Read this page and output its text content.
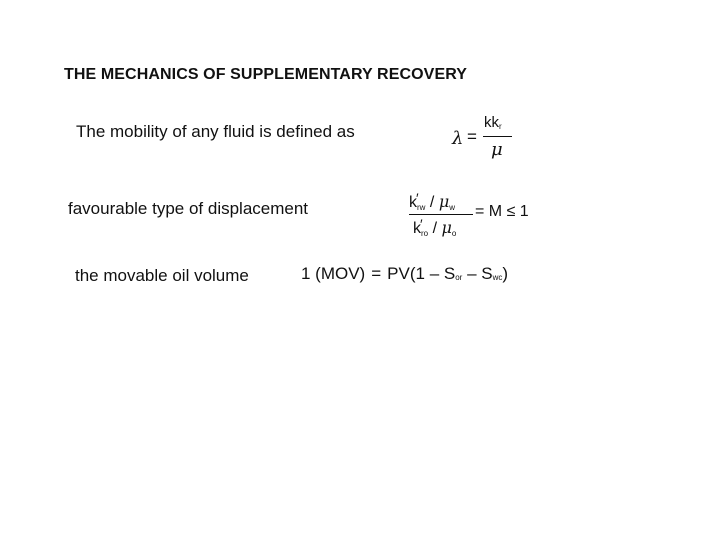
THE MECHANICS OF SUPPLEMENTARY RECOVERY
The mobility of any fluid is defined as	λ =
$kk_r$
μ
favourable type of displacement	k ′
$_{rw} / \mu_w$
k ′
$_{ro} / \mu_o$
= M ≤ 1
the movable oil volume	1 $(MOV) = PV(1 - S_{or} - S_{wc})$
